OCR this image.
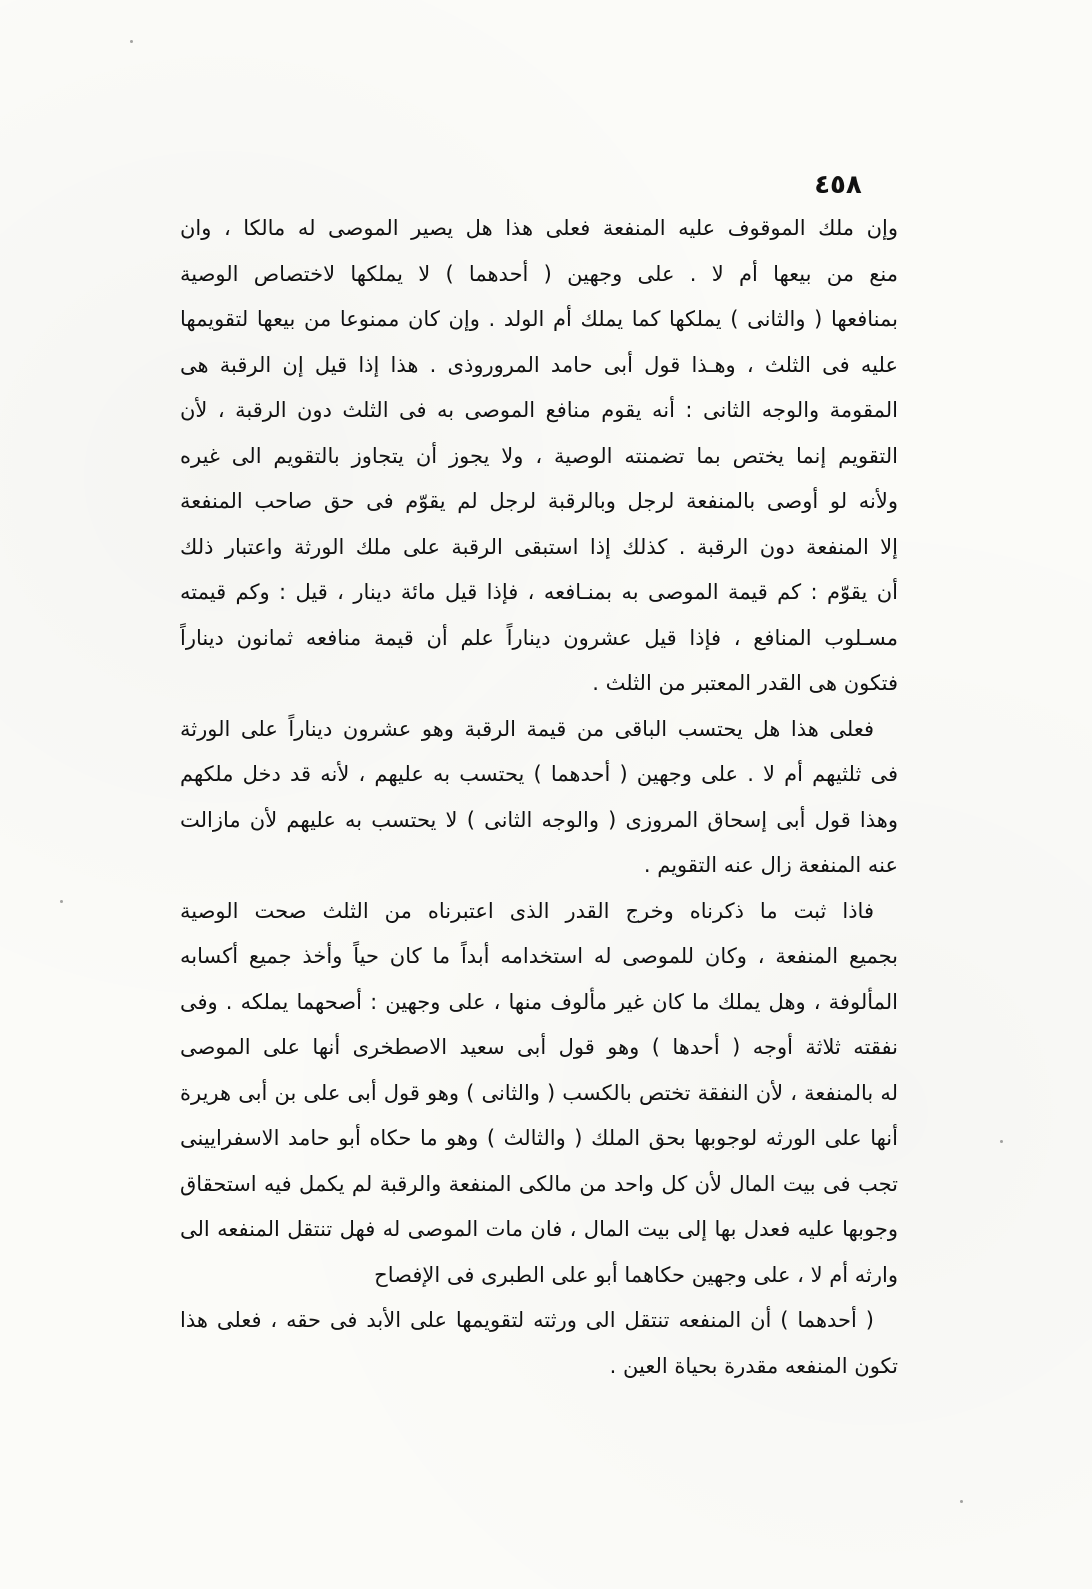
٤٥٨
وإن ملك الموقوف عليه المنفعة فعلى هذا هل يصير الموصى له مالكا ، وان
منع من بيعها أم لا . على وجهين ( أحدهما ) لا يملكها لاختصاص الوصية
بمنافعها ( والثانى ) يملكها كما يملك أم الولد . وإن كان ممنوعا من بيعها لتقويمها
عليه فى الثلث ، وهـذا قول أبى حامد المروروذى . هذا إذا قيل إن الرقبة هى
المقومة والوجه الثانى : أنه يقوم منافع الموصى به فى الثلث دون الرقبة ، لأن
التقويم إنما يختص بما تضمنته الوصية ، ولا يجوز أن يتجاوز بالتقويم الى غيره
ولأنه لو أوصى بالمنفعة لرجل وبالرقبة لرجل لم يقوّم فى حق صاحب المنفعة
إلا المنفعة دون الرقبة . كذلك إذا استبقى الرقبة على ملك الورثة واعتبار ذلك
أن يقوّم : كم قيمة الموصى به بمنـافعه ، فإذا قيل مائة دينار ، قيل : وكم قيمته
مسـلوب المنافع ، فإذا قيل عشرون ديناراً علم أن قيمة منافعه ثمانون ديناراً
فتكون هى القدر المعتبر من الثلث .
فعلى هذا هل يحتسب الباقى من قيمة الرقبة وهو عشرون ديناراً على الورثة
فى ثلثيهم أم لا . على وجهين ( أحدهما ) يحتسب به عليهم ، لأنه قد دخل ملكهم
وهذا قول أبى إسحاق المروزى ( والوجه الثانى ) لا يحتسب به عليهم لأن مازالت
عنه المنفعة زال عنه التقويم .
فاذا ثبت ما ذكرناه وخرج القدر الذى اعتبرناه من الثلث صحت الوصية
بجميع المنفعة ، وكان للموصى له استخدامه أبداً ما كان حياً وأخذ جميع أكسابه
المألوفة ، وهل يملك ما كان غير مألوف منها ، على وجهين : أصحهما يملكه . وفى
نفقته ثلاثة أوجه ( أحدها ) وهو قول أبى سعيد الاصطخرى أنها على الموصى
له بالمنفعة ، لأن النفقة تختص بالكسب ( والثانى ) وهو قول أبى على بن أبى هريرة
أنها على الورثه لوجوبها بحق الملك ( والثالث ) وهو ما حكاه أبو حامد الاسفرايينى
تجب فى بيت المال لأن كل واحد من مالكى المنفعة والرقبة لم يكمل فيه استحقاق
وجوبها عليه فعدل بها إلى بيت المال ، فان مات الموصى له فهل تنتقل المنفعه الى
وارثه أم لا ، على وجهين حكاهما أبو على الطبرى فى الإفصاح
( أحدهما ) أن المنفعه تنتقل الى ورثته لتقويمها على الأبد فى حقه ، فعلى هذا
تكون المنفعه مقدرة بحياة العين .
